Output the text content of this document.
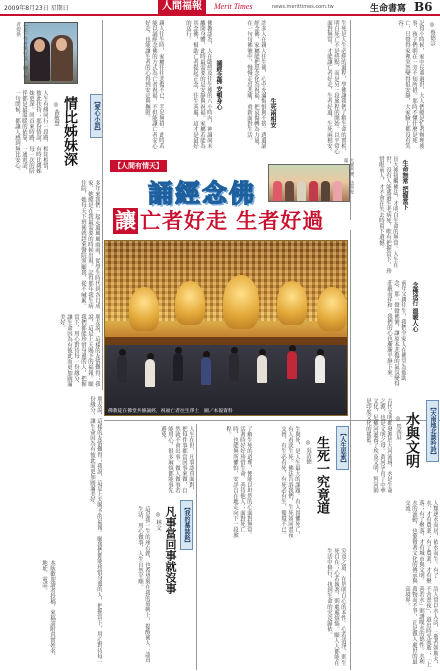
2009年8月23日 星期日	人間福報	Merit Times	news.merittimes.com.tw	生命書寫 B6
（左）作者與好友　圖／作者提供
【愛心小語】
情比姊妹深
◎ 黃敏慧
人生有緣同行一段路，相知相惜，彼此扶持；那份情誼，有時比親姊妹更深。回首來時路，每一次的陪伴都是最溫暖的依靠，一通電話、一句問候，都讓人感到無比安心。
多年來我們一起走過風風雨雨，從學生時代到各自成家，她總是在我最需要的時候出現。記得那年我生病住院，她每天下班後就趕來醫院照顧我，從不喊累。
朋友說，這樣的友情難得；我說，這是上天賜予的福報。願我們都能珍惜身邊的人，把握當下，用心對待每一份緣分，讓生命因為有彼此而更加圓滿美好。
親人往生時，家屬往往悲傷不已、手足無措。此時若能以誦經念佛的方式為亡者祝福，不但能讓亡者安心好走，也能讓生者的心得到安定與撫慰。	佛教認為，人在臨終及往生後的八小時內，神識尚未離開身體，此時最需要的是安靜與祝福。家屬若能為其念佛，幫助亡者提起正念，往生善處，這才是最好的送行。
誦經念佛 安頓身心	許多人在親人往生後，心中充滿悔恨與不捨。透過誦經念佛，家屬能把思念化為祝福，把哀傷轉為力量，在一句句佛號中，慢慢走出悲痛，重新面對生活。	生死兩相安	生死是人生必經的過程，學佛讓我們了解生命的實相，明白死亡不是終點，而是另一段旅程的開始。以平常心面對無常，才能讓亡者好走，生者好過，生死兩相安。	◎ 蔡德宗
記得小時候，家中長輩過世，大人們總是忙著辦理後事，孩子們則在一旁不知所措。那時不懂什麼是死亡，只覺得家裡突然變得很安靜，大家臉上都沒有笑容。
生命無常 把握當下
長大後接觸佛法，才明白生命的無常。人生在世，沒有人能逃過生老病死，唯有把握當下，珍惜眼前人，才不會在失去時留下遺憾。
念佛送行 溫暖人心
前年父親往生，我們全家人在佛堂為他助念，那一聲聲佛號，讓原本悲傷的氣氛變得莊嚴而祥和，我們的心也漸漸平靜下來。
【人間有情天】
誦經念佛
讓 亡者好走 生者好過
大眾共修，法喜充滿
佛教徒在佛堂共修誦經，祝福亡者往生淨土　圖／本報資料	【天南地北談吟詩】
水與文明
◎ 馬西屏
古代文明都發源於大河流域，水是生命之源，也是文明之母。黃河孕育了中華文化，尼羅河滋養了埃及文明，恆河則是印度文化的搖籃。
人類逐水而居，依水而生。有了水，才有農業；有了農業，才有聚落；有了聚落，才有城市與文明。水的流動，也象徵著文化的傳承與交流。
詩人常以水入詩，「逝者如斯夫，不舍晝夜」，道出時光流逝；「上善若水」則讚嘆水的德性。水利萬物而不爭，正是做人處世的最高境界。
【人生思索】
生死一究竟道
◎ 吳清德
生與死，是人生最大的課題。有人畏懼死亡，有人看淡生死。佛法告訴我們，生死如同晝夜交替，有生必有死，有死必有生，循環不已。
了解生死的道理，便能以坦然的心面對無常。活著時好好珍惜生命、善待他人；面對死亡時，也能無所懼怕，安詳自在地走向下一段旅程。
究竟之道，在於明白心的本性。心若清淨，則生死自在；心若執著，則處處煩惱。願人人都能在生活中修行，找到生命的究竟歸依。
【我的墓誌銘】
凡事當回事就沒事
◎ 林文
人生在世，凡事認真面對，把每件事都當回事來做，自然就不會出事。做人做事若能用心，很多麻煩都能事先避免。
這是我一生的座右銘，也希望刻在我的墓碑上，提醒後人：認真生活，用心做事，人生自然平順。
朋友說，這樣的友情難得；我說，這是上天賜予的福報。願我們都能珍惜身邊的人，把握當下，用心對待每一份緣分，讓生命因為有彼此而更加圓滿美好。
本版歡迎讀者投稿，來稿請附真實姓名、地址、電話。
